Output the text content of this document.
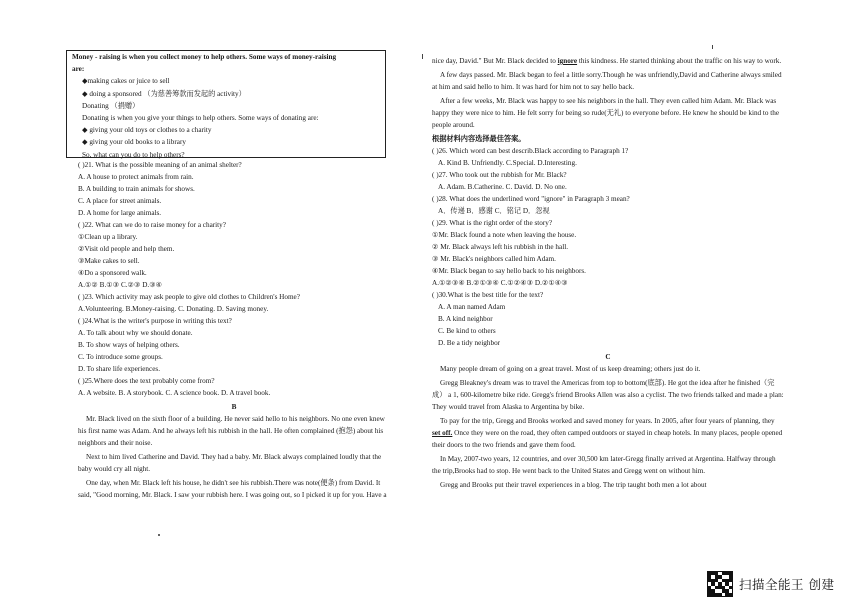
Money - raising is when you collect money to help others. Some ways of money-raising

are:

◆making cakes or juice to sell

◆ doing a sponsored （为慈善筹款而发起的 activity）

Donating （捐赠）

Donating is when you give your things to help others. Some ways of donating are:

◆ giving your old toys or clothes to a charity

◆ giving your old books to a library

So, what can you do to help others?

( )21. What is the possible meaning of an animal shelter?

A. A house to protect animals from rain.

B. A building to train animals for shows.

C. A place for street animals.

D. A home for large animals.

( )22. What can we do to raise money for a charity?

①Clean up a library.

②Visit old people and help them.

③Make cakes to sell.

④Do a sponsored walk.

A.①② B.①③ C.②③ D.③④

( )23. Which activity may ask people to give old clothes to Children's Home?

A.Volunteering. B.Money-raising. C. Donating. D. Saving money.

( )24.What is the writer's purpose in writing this text?

A. To talk about why we should donate.

B. To show ways of helping others.

C. To introduce some groups.

D. To share life experiences.

( )25.Where does the text probably come from?

A. A website. B. A storybook. C. A science book. D. A travel book.

B

Mr. Black lived on the sixth floor of a building. He never said hello to his neighbors. No one even knew his first name was Adam. And he always left his rubbish in the hall. He often complained (抱怨) about his neighbors and their noise.

Next to him lived Catherine and David. They had a baby. Mr. Black always complained loudly that the baby would cry all night.

One day, when Mr. Black left his house, he didn't see his rubbish.There was note(便条) from David. It said, "Good morning, Mr. Black. I saw your rubbish here. I was going out, so I picked it up for you. Have a

nice day, David." But Mr. Black decided to ignore this kindness. He started thinking about the traffic on his way to work.

A few days passed. Mr. Black began to feel a little sorry.Though he was unfriendly,David and Catherine always smiled at him and said hello to him. It was hard for him not to say hello back.

After a few weeks, Mr. Black was happy to see his neighbors in the hall. They even called him Adam. Mr. Black was happy they were nice to him. He felt sorry for being so rude(无礼) to everyone before. He knew he should be kind to the people around.

根据材料内容选择最佳答案。

( )26. Which word can best describ.Black according to Paragraph 1?

A. Kind B. Unfriendly. C.Special. D.Interesting.

( )27. Who took out the rubbish for Mr. Black?

A. Adam. B.Catherine. C. David. D. No one.

( )28. What does the underlined word "ignore" in Paragraph 3 mean?

A．传递 B．感谢 C．铭记 D．忽视

( )29. What is the right order of the story?

①Mr. Black found a note when leaving the house.

② Mr. Black always left his rubbish in the hall.

③ Mr. Black's neighbors called him Adam.

④Mr. Black began to say hello back to his neighbors.

A.①②③④ B.②①③④ C.①②④③ D.②①④③

( )30.What is the best title for the text?

A. A man named Adam

B. A kind neighbor

C. Be kind to others

D. Be a tidy neighbor

C

Many people dream of going on a great travel. Most of us keep dreaming; others just do it.

Gregg Bleakney's dream was to travel the Americas from top to bottom(底部). He got the idea after he finished（完成） a 1, 600-kilometre bike ride. Gregg's friend Brooks Allen was also a cyclist. The two friends talked and made a plan: They would travel from Alaska to Argentina by bike.

To pay for the trip, Gregg and Brooks worked and saved money for years. In 2005, after four years of planning, they set off. Once they were on the road, they often camped outdoors or stayed in cheap hotels. In many places, people opened their doors to the two friends and gave them food.

In May, 2007-two years, 12 countries, and over 30,500 km later-Gregg finally arrived at Argentina. Halfway through the trip,Brooks had to stop. He went back to the United States and Gregg went on without him.

Gregg and Brooks put their travel experiences in a blog. The trip taught both men a lot about

扫描全能王 创建
